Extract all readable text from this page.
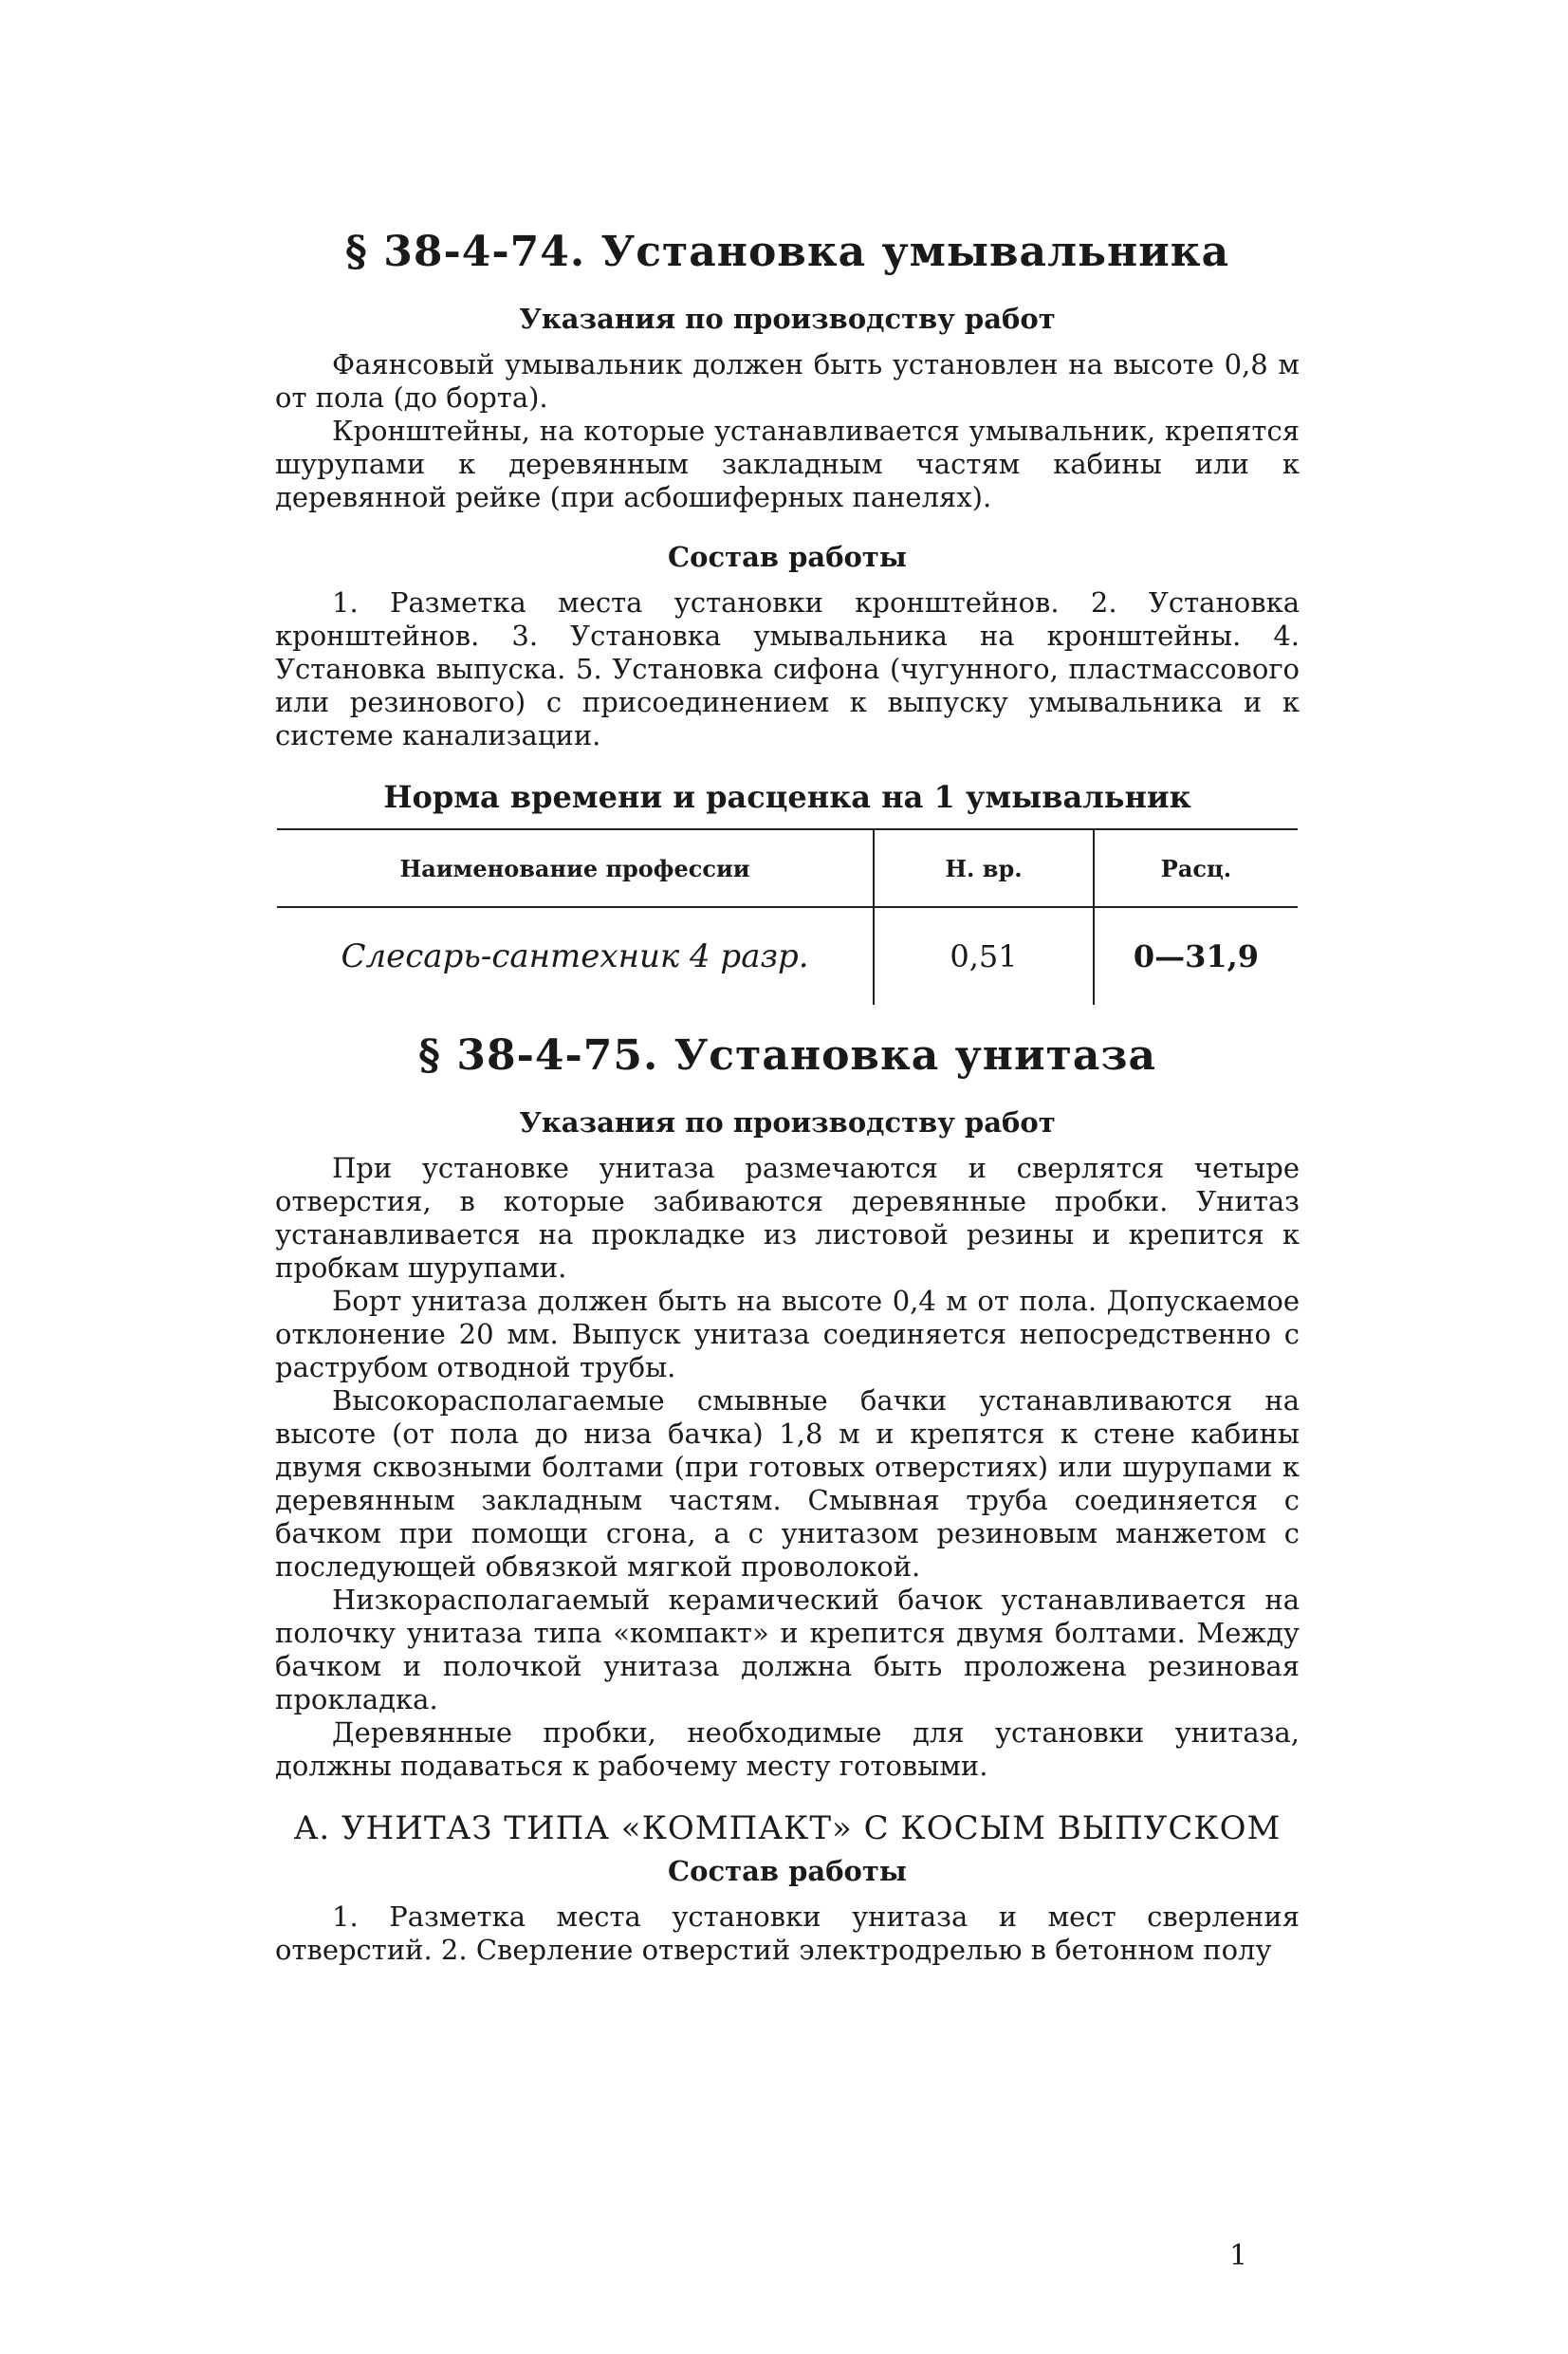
§ 38-4-74. Установка умывальника
Указания по производству работ

Фаянсовый умывальник должен быть установлен на высоте 0,8 м от пола (до борта).

Кронштейны, на которые устанавливается умывальник, крепятся шурупами к деревянным закладным частям кабины или к деревянной рейке (при асбошиферных панелях).

Состав работы

1. Разметка места установки кронштейнов. 2. Установка кронштейнов. 3. Установка умывальника на кронштейны. 4. Установка выпуска. 5. Установка сифона (чугунного, пластмассового или резинового) с присоединением к выпуску умывальника и к системе канализации.

Норма времени и расценка на 1 умывальник
Наименование профессии	Н. вр.	Расц.
Слесарь-сантехник 4 разр.	0,51	0—31,9
§ 38-4-75. Установка унитаза
Указания по производству работ

При установке унитаза размечаются и сверлятся четыре отверстия, в которые забиваются деревянные пробки. Унитаз устанавливается на прокладке из листовой резины и крепится к пробкам шурупами.

Борт унитаза должен быть на высоте 0,4 м от пола. Допускаемое отклонение 20 мм. Выпуск унитаза соединяется непосредственно с раструбом отводной трубы.

Высокорасполагаемые смывные бачки устанавливаются на высоте (от пола до низа бачка) 1,8 м и крепятся к стене кабины двумя сквозными болтами (при готовых отверстиях) или шурупами к деревянным закладным частям. Смывная труба соединяется с бачком при помощи сгона, а с унитазом резиновым манжетом с последующей обвязкой мягкой проволокой.

Низкорасполагаемый керамический бачок устанавливается на полочку унитаза типа «компакт» и крепится двумя болтами. Между бачком и полочкой унитаза должна быть проложена резиновая прокладка.

Деревянные пробки, необходимые для установки унитаза, должны подаваться к рабочему месту готовыми.

А. УНИТАЗ ТИПА «КОМПАКТ» С КОСЫМ ВЫПУСКОМ
Состав работы

1. Разметка места установки унитаза и мест сверления отверстий. 2. Сверление отверстий электродрелью в бетонном полу

1
